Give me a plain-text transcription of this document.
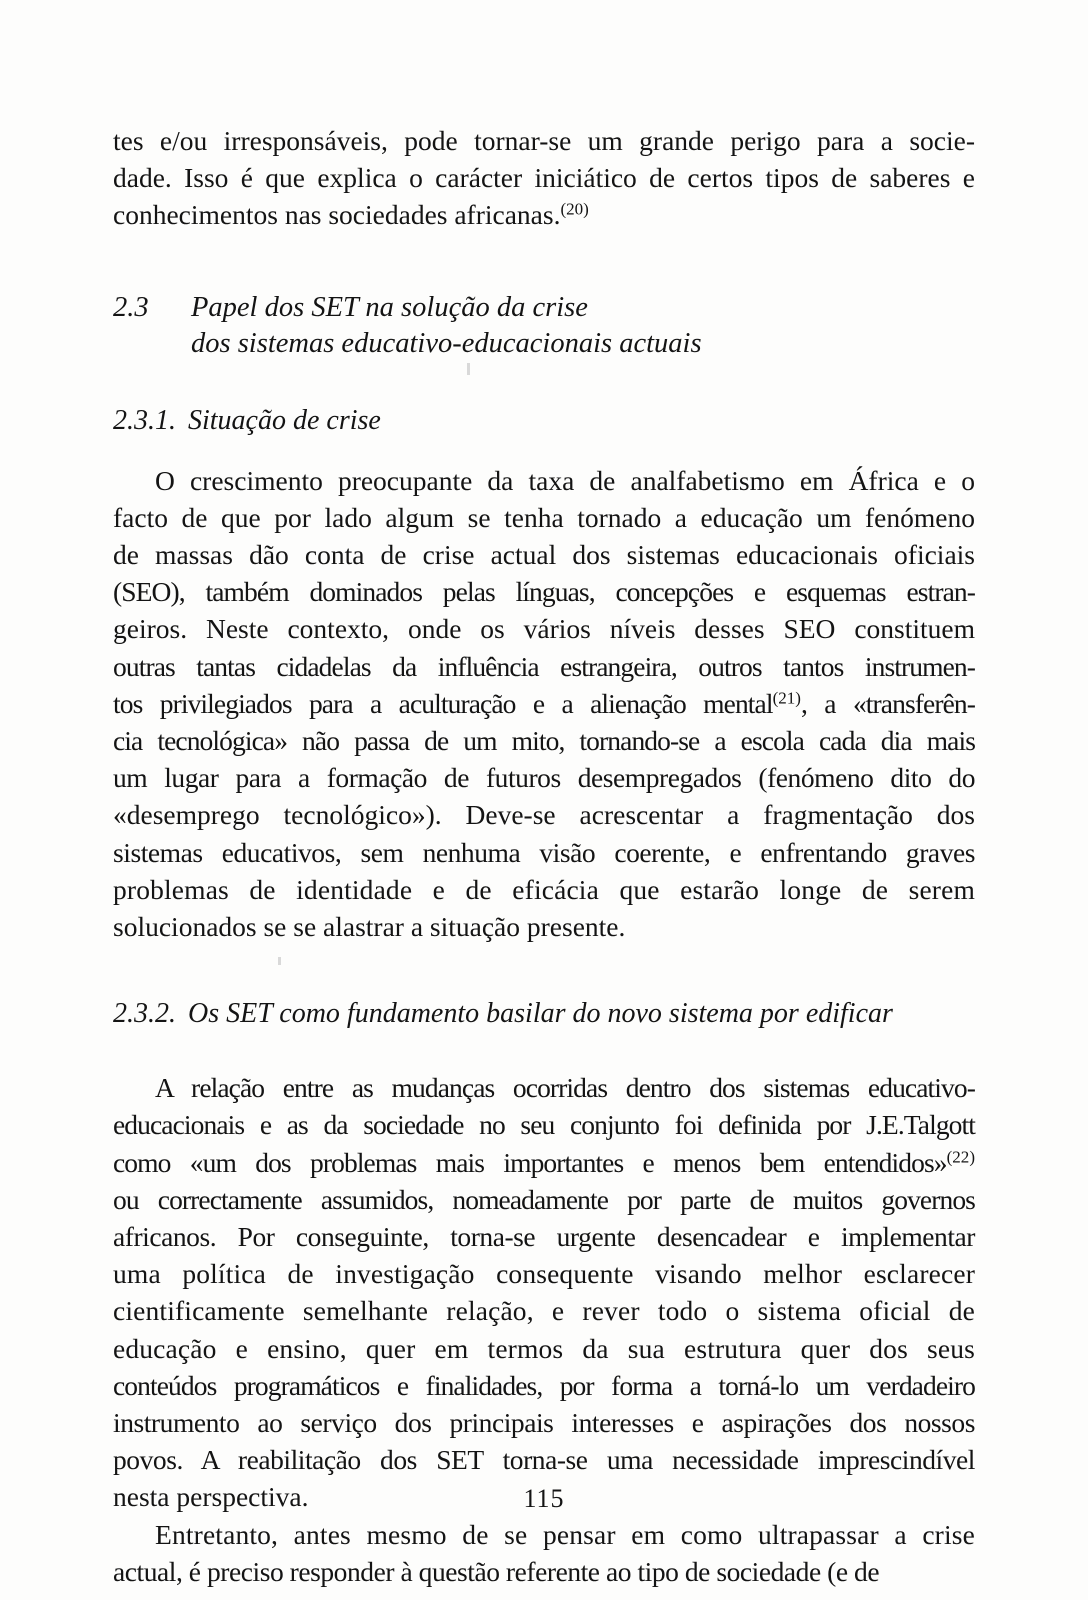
tes e/ou irresponsáveis, pode tornar-se um grande perigo para a socie-
dade. Isso é que explica o carácter iniciático de certos tipos de saberes e
conhecimentos nas sociedades africanas.$^{(20)}$

2.3 Papel dos SET na solução da crise
dos sistemas educativo-educacionais actuais
2.3.1. Situação de crise

O crescimento preocupante da taxa de analfabetismo em África e o
facto de que por lado algum se tenha tornado a educação um fenómeno
de massas dão conta de crise actual dos sistemas educacionais oficiais
(SEO), também dominados pelas línguas, concepções e esquemas estran-
geiros. Neste contexto, onde os vários níveis desses SEO constituem
outras tantas cidadelas da influência estrangeira, outros tantos instrumen-
tos privilegiados para a aculturação e a alienação mental$^{(21)}$, a «transferên-
cia tecnológica» não passa de um mito, tornando-se a escola cada dia mais
um lugar para a formação de futuros desempregados (fenómeno dito do
«desemprego tecnológico»). Deve-se acrescentar a fragmentação dos
sistemas educativos, sem nenhuma visão coerente, e enfrentando graves
problemas de identidade e de eficácia que estarão longe de serem
solucionados se se alastrar a situação presente.

2.3.2. Os SET como fundamento basilar do novo sistema por edificar

A relação entre as mudanças ocorridas dentro dos sistemas educativo-
educacionais e as da sociedade no seu conjunto foi definida por J.E.Talgott
como «um dos problemas mais importantes e menos bem entendidos»$^{(22)}$
ou correctamente assumidos, nomeadamente por parte de muitos governos
africanos. Por conseguinte, torna-se urgente desencadear e implementar
uma política de investigação consequente visando melhor esclarecer
cientificamente semelhante relação, e rever todo o sistema oficial de
educação e ensino, quer em termos da sua estrutura quer dos seus
conteúdos programáticos e finalidades, por forma a torná-lo um verdadeiro
instrumento ao serviço dos principais interesses e aspirações dos nossos
povos. A reabilitação dos SET torna-se uma necessidade imprescindível
nesta perspectiva.

Entretanto, antes mesmo de se pensar em como ultrapassar a crise
actual, é preciso responder à questão referente ao tipo de sociedade (e de

115
